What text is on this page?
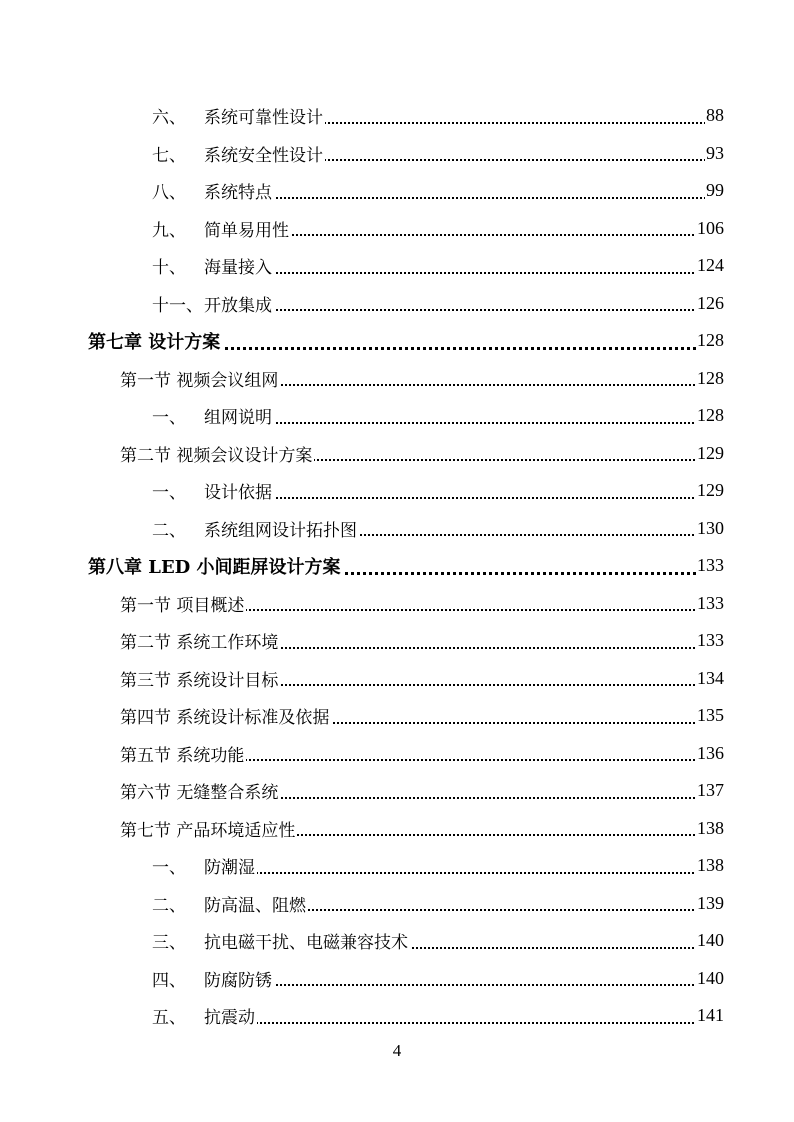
六、 系统可靠性设计	88
七、 系统安全性设计	93
八、 系统特点	99
九、 简单易用性	106
十、 海量接入	124
十一、开放集成	126
第七章 设计方案	128
第一节 视频会议组网	128
一、 组网说明	128
第二节 视频会议设计方案	129
一、 设计依据	129
二、 系统组网设计拓扑图	130
第八章 LED 小间距屏设计方案	133
第一节 项目概述	133
第二节 系统工作环境	133
第三节 系统设计目标	134
第四节 系统设计标准及依据	135
第五节 系统功能	136
第六节 无缝整合系统	137
第七节 产品环境适应性	138
一、 防潮湿	138
二、 防高温、阻燃	139
三、 抗电磁干扰、电磁兼容技术	140
四、 防腐防锈	140
五、 抗震动	141
4
